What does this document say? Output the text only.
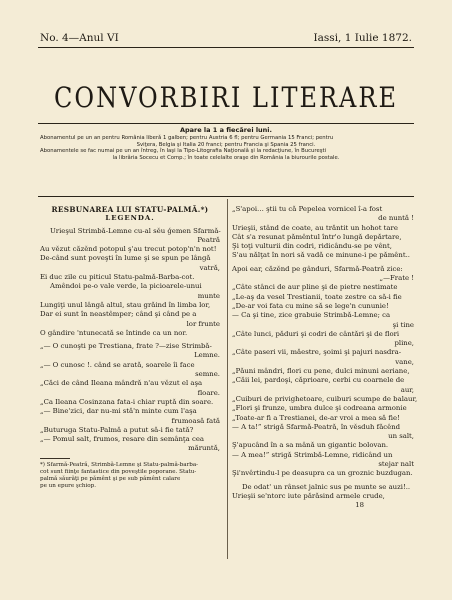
No. 4—Anul VI	Iassi, 1 Iulie 1872.
CONVORBIRI LITERARE
Apare la 1 a fiecǎrei luni.
Abonamentul pe un an pentru România liberǎ 1 galben; pentru Austria 6 fl; pentru Germania 15 Franci; pentru
Sviţera, Belgia şi Italia 20 franci; pentru Francia şi Spania 25 franci.
Abonamentele se fac numai pe un an întreg, în Iaşi la Tipo-Litografia Naţionalǎ şi la redacţiune, în Bucureşti
la librǎria Socecu et Comp.; în toate celelalte oraşe din România la biurourile postale.
RESBUNAREA LUI STATU-PALMǍ.*)
LEGENDA.
Urieşul Strimbǎ-Lemne cu-al sěu ǵemen Sfarmǎ-
Peatrǎ
Au vězut căzěnd potopul ş'au trecut potop'n'n not!
De-când sunt poveşti în lume şi se spun pe lângǎ
vatrǎ,
Ei duc zile cu piticul Statu-palmǎ-Barba-cot.
Amêndoi pe-o vale verde, la picioarele-unui
munte
Lungiţi unul lângǎ altul, stau grǎind în limba lor,
Dar ei sunt în neastêmper; când şi când pe a
lor frunte
O gândire 'ntunecatǎ se întinde ca un nor.
„— O cunoşti pe Trestiana, frate ?—zise Strimbǎ-
Lemne.
„— O cunosc !. când se aratǎ, soarele îi face
semne.
„Căci de când Ileana mândrǎ n'au vězut el aşa
floare.
„Ca Ileana Cosinzana fata-i chiar ruptǎ din soare.
„— Bine'zici, dar nu-mi stǎ'n minte cum l'aşa
frumoasǎ fatǎ
„Buturuga Statu-Palmǎ a putut sǎ-i fie tatǎ?
„— Pomul salt, frumos, resare din semânţa cea
măruntǎ,
*) Sfarmǎ-Peatrǎ, Strimbǎ-Lemne şi Statu-palmǎ-barba-
cot sunt fiinţe fantastice din poveştile poporane. Statu-
palmǎ sǎurǎţi pe pǎmênt şi pe sub pǎmênt calare
pe un epure şchiop.
„S'apoi… ştii tu cǎ Pepelea vornicel î-a fost
de nuntǎ !
Urieşii, stând de coate, au trǎntit un hohot tare
Cât s'a resunat pǎmêntul într'o lungǎ depǎrtare,
Şi toţi vulturii din codri, ridicându-se pe vênt,
S'au nǎlţat în nori sǎ vadǎ ce minune-i pe pǎmênt..
Apoi ear, căzěnd pe gânduri, Sfarmǎ-Peatrǎ zice:
„—Frate !
„Câte stânci de aur pline şi de pietre nestimate
„Le-aş da vesel Trestianii, toate zestre ca sǎ-i fie
„De-ar voi fata cu mine sǎ se lege'n cununie!
— Ca şi tine, zice grabuie Strimbǎ-Lemne; ca
şi tine
„Câte lunci, pǎduri şi codri de cântǎri şi de flori
pline,
„Câte paseri vii, mǎestre, şoimi şi pajuri nasdra-
vane,
„Pǎuni mândri, flori cu pene, dulci minuni aeriane,
„Căii lei, pardoşi, cǎprioare, cerbi cu coarnele de
aur,
„Cuiburi de privighetoare, cuiburi scumpe de balaur,
„Flori şi frunze, umbra dulce şi codreana armonie
„Toate-ar fi a Trestianei, de-ar vroi a mea sǎ fie!
— A ta!” strigǎ Sfarmǎ-Peatrǎ, în věsduh fǎcênd
un salt,
Ş'apucând în a sa mânǎ un gigantic bolovan.
— A mea!” strigǎ Strimbǎ-Lemne, ridicând un
stejar nalt
Şi'nvêrtindu-l pe deasupra ca un groznic buzdugan.
De odat' un rânset jalnic sus pe munte se auzi!..
Urieşii se'ntorc iute pǎrǎsind armele crude,
18
